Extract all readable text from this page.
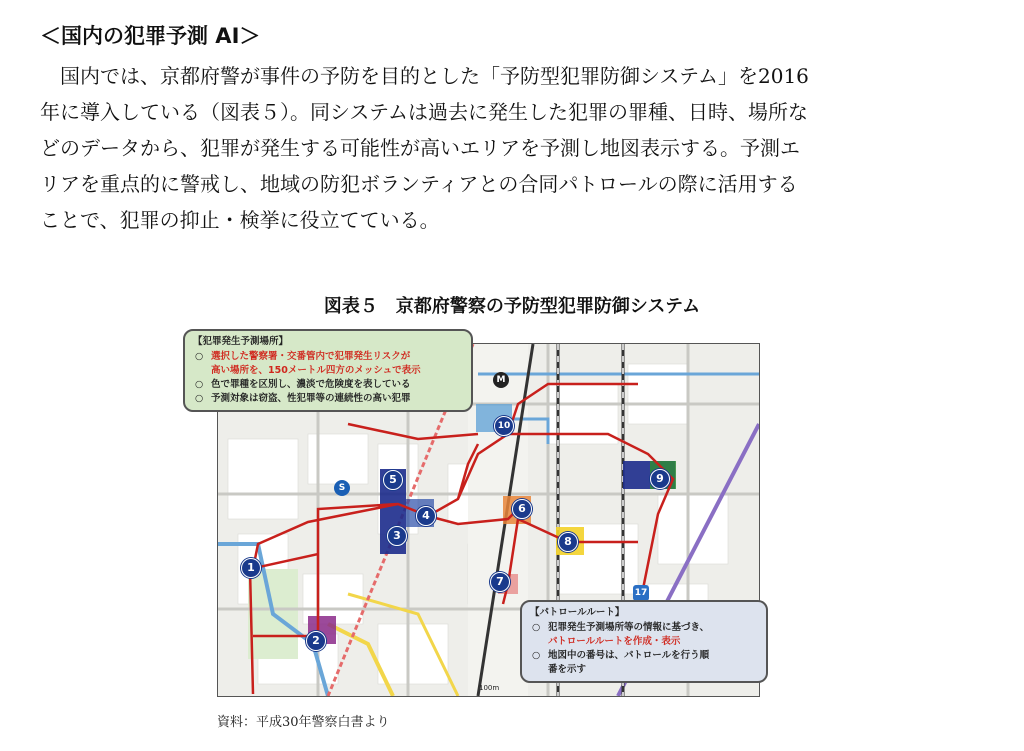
＜国内の犯罪予測 AI＞
　国内では、京都府警が事件の予防を目的とした「予防型犯罪防御システム」を2016
年に導入している（図表５）。同システムは過去に発生した犯罪の罪種、日時、場所な
どのデータから、犯罪が発生する可能性が高いエリアを予測し地図表示する。予測エ
リアを重点的に警戒し、地域の防犯ボランティアとの合同パトロールの際に活用する
ことで、犯罪の抑止・検挙に役立てている。
図表５　京都府警察の予防型犯罪防御システム
100m
1
2
3
4
5
6
7
8
9
10
S
M
17
【犯罪発生予測場所】
○ 選択した警察署・交番管内で犯罪発生リスクが
高い場所を、150メートル四方のメッシュで表示
○ 色で罪種を区別し、濃淡で危険度を表している
○ 予測対象は窃盗、性犯罪等の連続性の高い犯罪
【パトロールルート】
○ 犯罪発生予測場所等の情報に基づき、
パトロールルートを作成・表示
○ 地図中の番号は、パトロールを行う順
番を示す
資料：平成30年警察白書より
